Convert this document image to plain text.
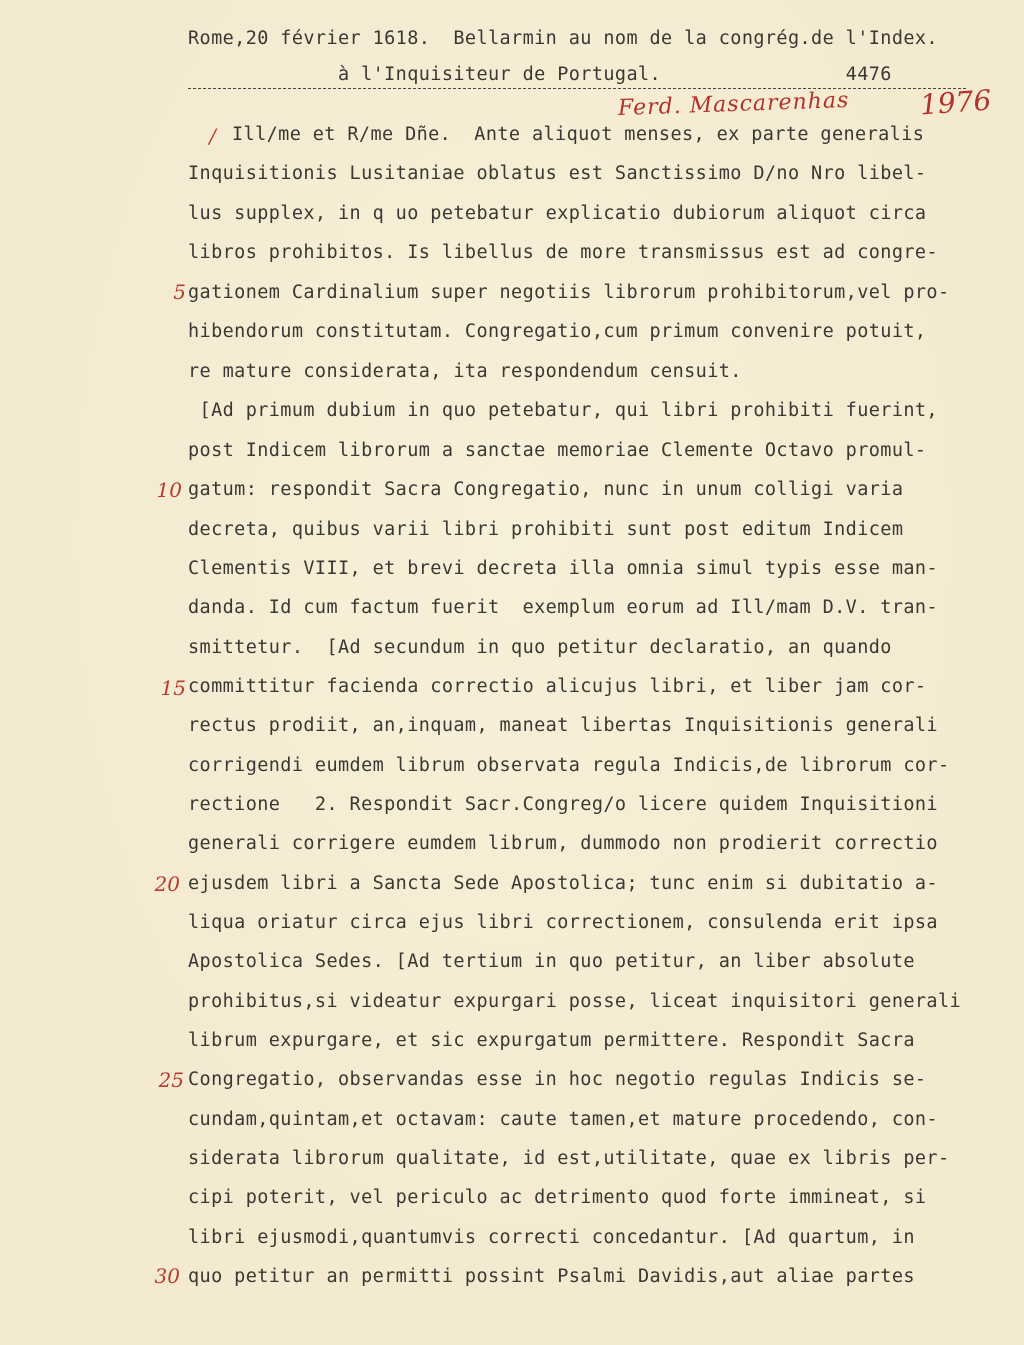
Rome,20 février 1618.  Bellarmin au nom de la congrég.de l'Index.
à l'Inquisiteur de Portugal.                4476
Ferd. Mascarenhas 1976
/
5
10
15
20
25
30
Ill/me et R/me Dñe.  Ante aliquot menses, ex parte generalis
Inquisitionis Lusitaniae oblatus est Sanctissimo D/no Nro libel-
lus supplex, in q uo petebatur explicatio dubiorum aliquot circa
libros prohibitos. Is libellus de more transmissus est ad congre-
gationem Cardinalium super negotiis librorum prohibitorum,vel pro-
hibendorum constitutam. Congregatio,cum primum convenire potuit,
re mature considerata, ita respondendum censuit.
[Ad primum dubium in quo petebatur, qui libri prohibiti fuerint,
post Indicem librorum a sanctae memoriae Clemente Octavo promul-
gatum: respondit Sacra Congregatio, nunc in unum colligi varia
decreta, quibus varii libri prohibiti sunt post editum Indicem
Clementis VIII, et brevi decreta illa omnia simul typis esse man-
danda. Id cum factum fuerit  exemplum eorum ad Ill/mam D.V. tran-
smittetur.  [Ad secundum in quo petitur declaratio, an quando
committitur facienda correctio alicujus libri, et liber jam cor-
rectus prodiit, an,inquam, maneat libertas Inquisitionis generali
corrigendi eumdem librum observata regula Indicis,de librorum cor-
rectione   2. Respondit Sacr.Congreg/o licere quidem Inquisitioni
generali corrigere eumdem librum, dummodo non prodierit correctio
ejusdem libri a Sancta Sede Apostolica; tunc enim si dubitatio a-
liqua oriatur circa ejus libri correctionem, consulenda erit ipsa
Apostolica Sedes. [Ad tertium in quo petitur, an liber absolute
prohibitus,si videatur expurgari posse, liceat inquisitori generali
librum expurgare, et sic expurgatum permittere. Respondit Sacra
Congregatio, observandas esse in hoc negotio regulas Indicis se-
cundam,quintam,et octavam: caute tamen,et mature procedendo, con-
siderata librorum qualitate, id est,utilitate, quae ex libris per-
cipi poterit, vel periculo ac detrimento quod forte immineat, si
libri ejusmodi,quantumvis correcti concedantur. [Ad quartum, in
quo petitur an permitti possint Psalmi Davidis,aut aliae partes
